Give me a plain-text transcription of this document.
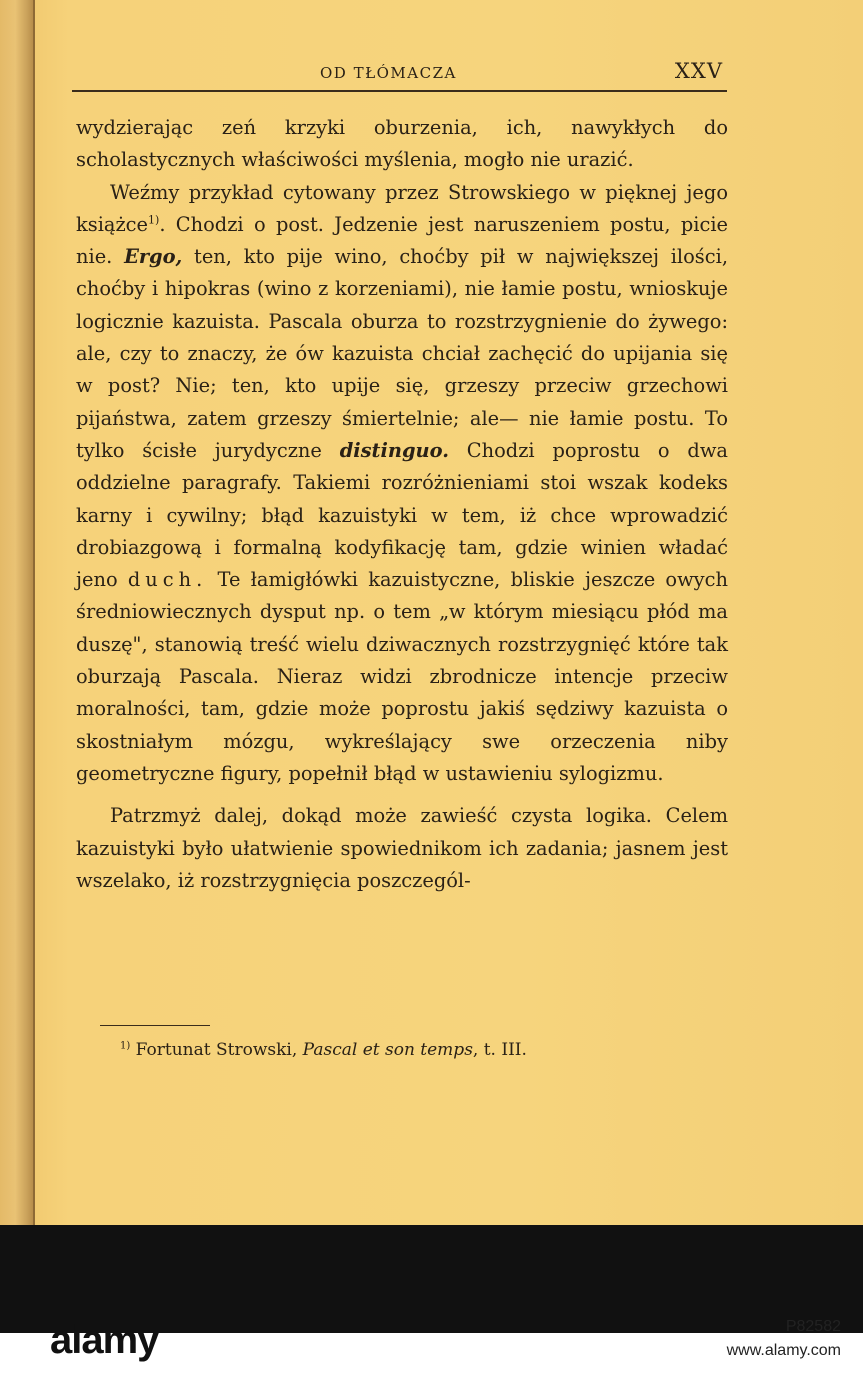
OD TŁÓMACZA	XXV

wydzierając zeń krzyki oburzenia, ich, nawykłych do scholastycznych właściwości myślenia, mogło nie urazić.

Weźmy przykład cytowany przez Strowskiego w pięknej jego książce$^{1)}$. Chodzi o post. Jedzenie jest naruszeniem postu, picie nie. Ergo, ten, kto pije wino, choćby pił w największej ilości, choćby i hipokras (wino z korzeniami), nie łamie postu, wnioskuje logicznie kazuista. Pascala oburza to rozstrzygnienie do żywego: ale, czy to znaczy, że ów kazuista chciał zachęcić do upijania się w post? Nie; ten, kto upije się, grzeszy przeciw grzechowi pijaństwa, zatem grzeszy śmiertelnie; ale— nie łamie postu. To tylko ścisłe jurydyczne distinguo. Chodzi poprostu o dwa oddzielne paragrafy. Takiemi rozróżnieniami stoi wszak kodeks karny i cywilny; błąd kazuistyki w tem, iż chce wprowadzić drobiazgową i formalną kodyfikację tam, gdzie winien władać jeno duch. Te łamigłówki kazuistyczne, bliskie jeszcze owych średniowiecznych dysput np. o tem „w którym miesiącu płód ma duszę", stanowią treść wielu dziwacznych rozstrzygnięć które tak oburzają Pascala. Nieraz widzi zbrodnicze intencje przeciw moralności, tam, gdzie może poprostu jakiś sędziwy kazuista o skostniałym mózgu, wykreślający swe orzeczenia niby geometryczne figury, popełnił błąd w ustawieniu sylogizmu.

Patrzmyż dalej, dokąd może zawieść czysta logika. Celem kazuistyki było ułatwienie spowiednikom ich zadania; jasnem jest wszelako, iż rozstrzygnięcia poszczegól-

$^{1)}$ Fortunat Strowski, Pascal et son temps, t. III.
alamy	P82582
www.alamy.com
